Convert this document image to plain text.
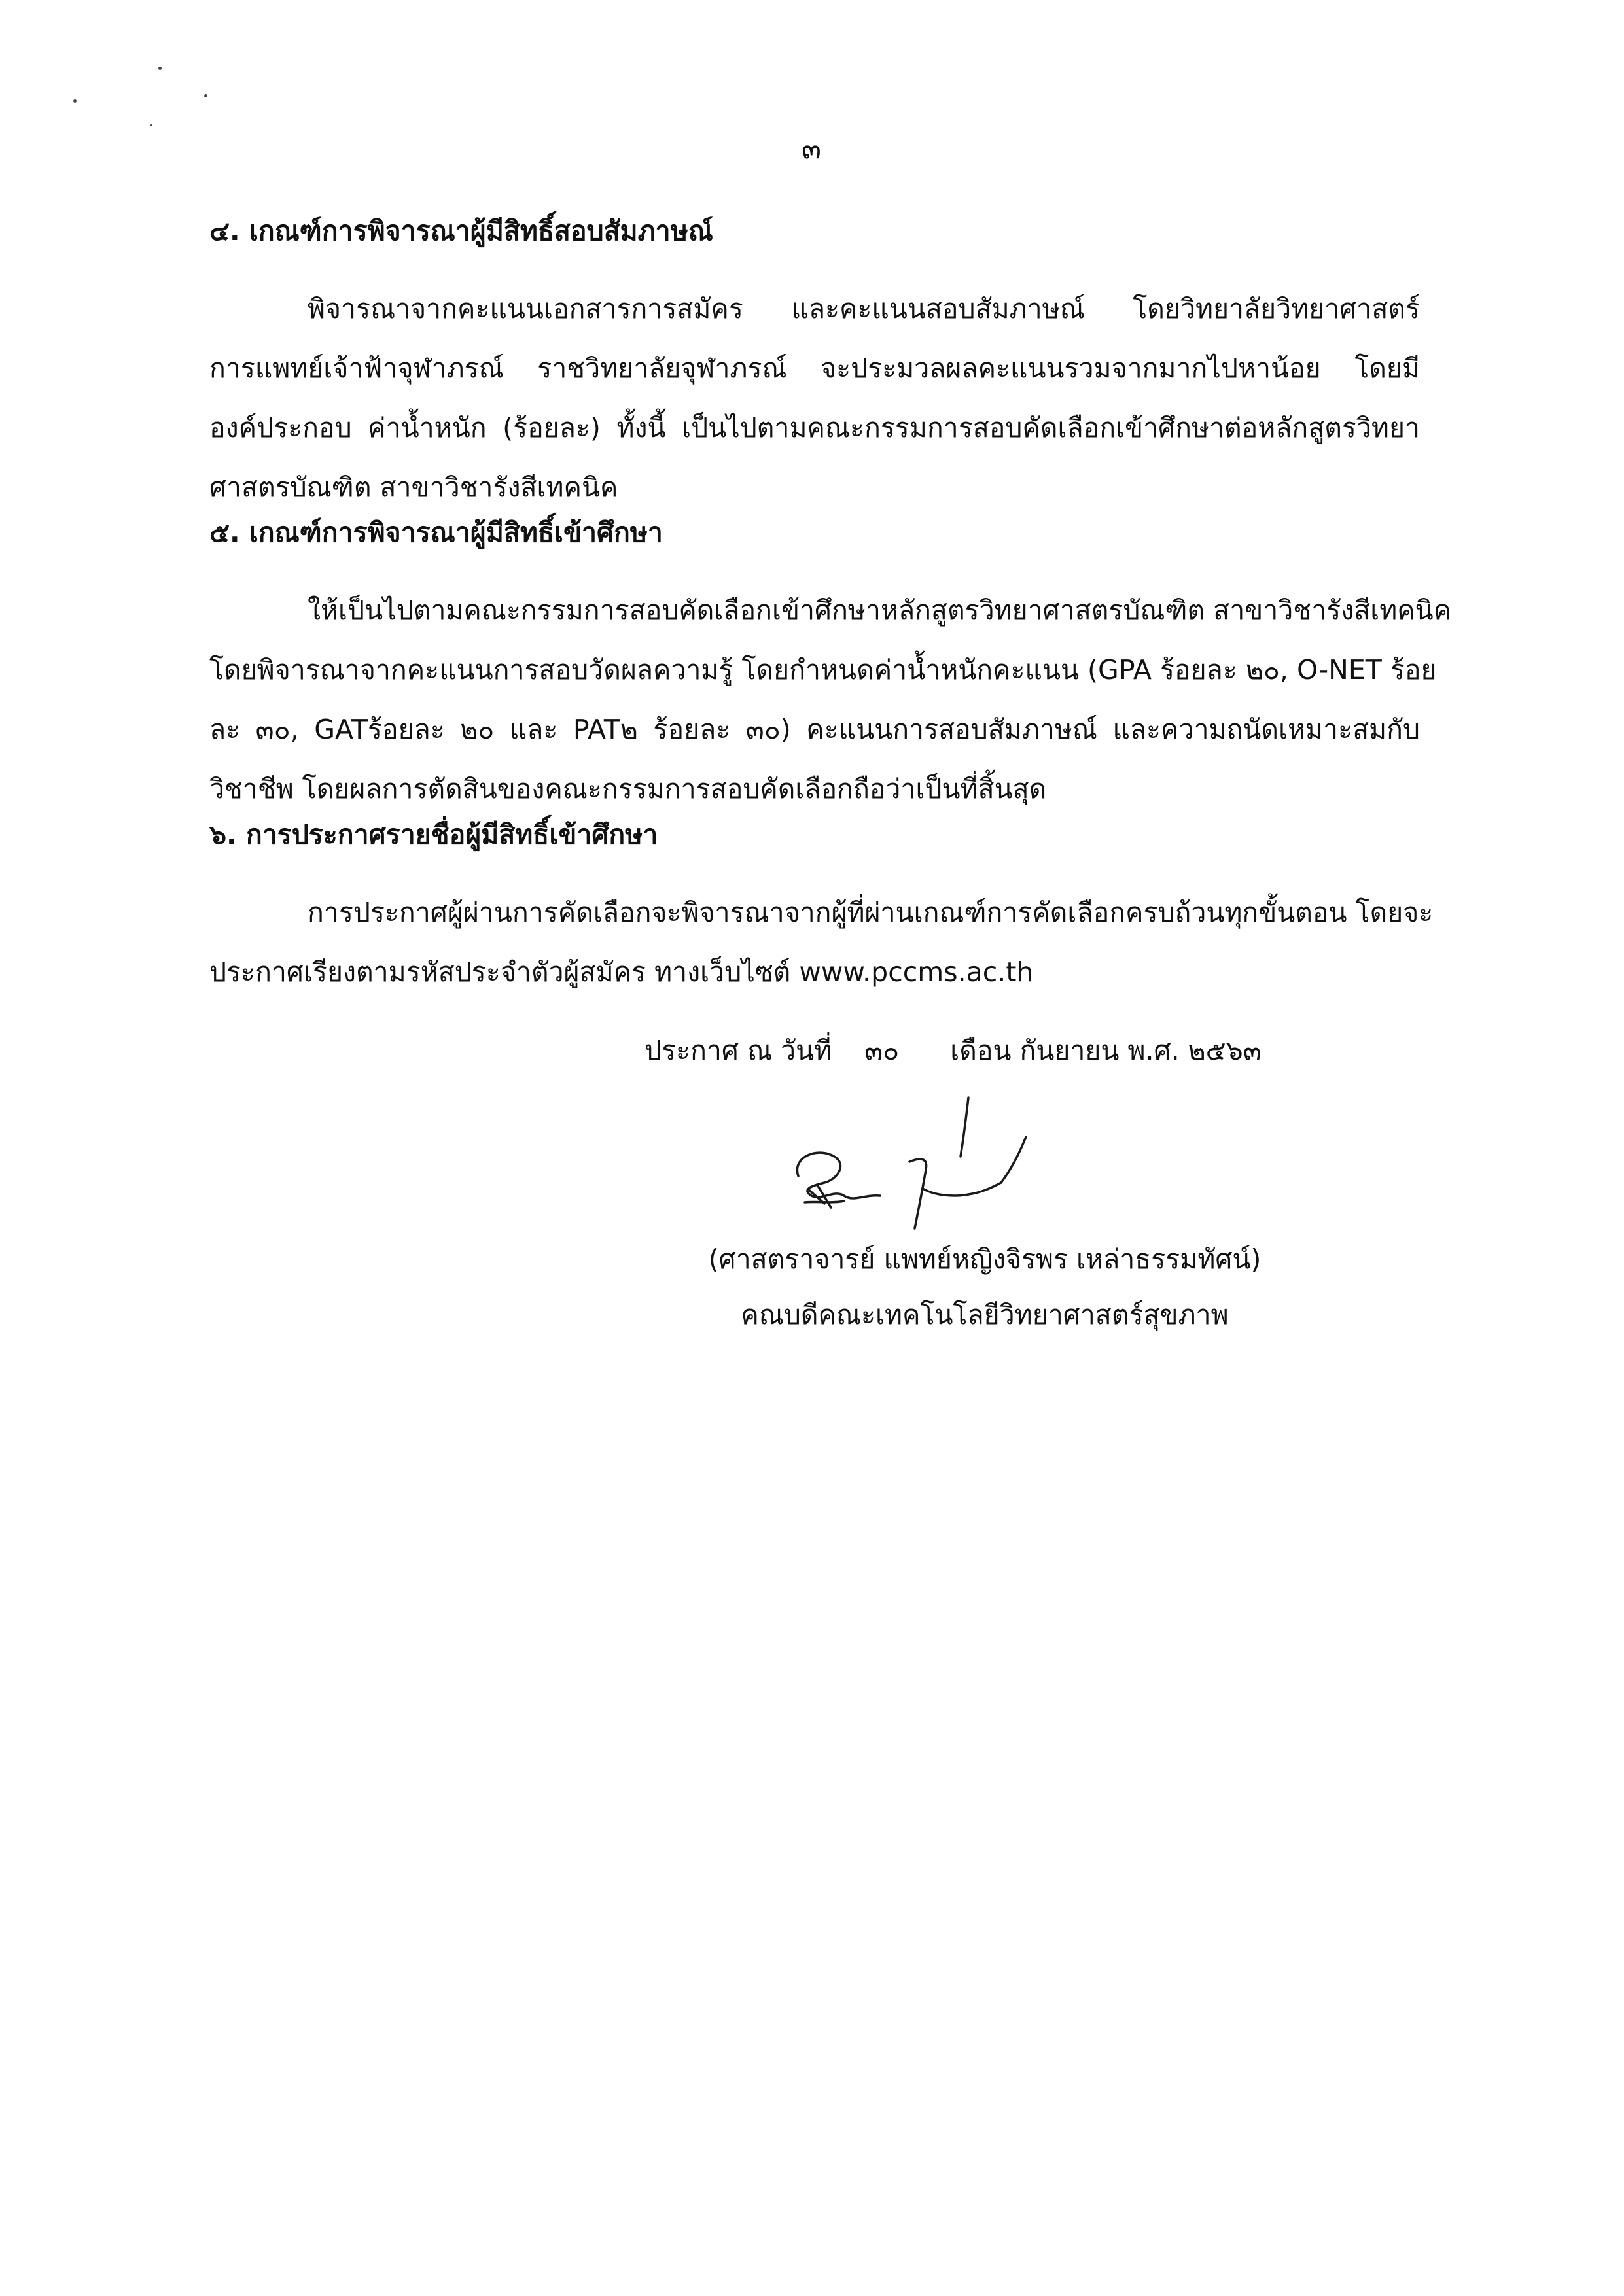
๓
๔. เกณฑ์การพิจารณาผู้มีสิทธิ์สอบสัมภาษณ์
พิจารณาจากคะแนนเอกสารการสมัคร และคะแนนสอบสัมภาษณ์ โดยวิทยาลัยวิทยาศาสตร์
การแพทย์เจ้าฟ้าจุฬาภรณ์ ราชวิทยาลัยจุฬาภรณ์ จะประมวลผลคะแนนรวมจากมากไปหาน้อย โดยมี
องค์ประกอบ ค่าน้ำหนัก (ร้อยละ) ทั้งนี้ เป็นไปตามคณะกรรมการสอบคัดเลือกเข้าศึกษาต่อหลักสูตรวิทยา
ศาสตรบัณฑิต สาขาวิชารังสีเทคนิค
๕. เกณฑ์การพิจารณาผู้มีสิทธิ์เข้าศึกษา
ให้เป็นไปตามคณะกรรมการสอบคัดเลือกเข้าศึกษาหลักสูตรวิทยาศาสตรบัณฑิต สาขาวิชารังสีเทคนิค
โดยพิจารณาจากคะแนนการสอบวัดผลความรู้ โดยกำหนดค่าน้ำหนักคะแนน (GPA ร้อยละ ๒๐, O-NET ร้อย
ละ ๓๐, GATร้อยละ ๒๐ และ PAT๒ ร้อยละ ๓๐) คะแนนการสอบสัมภาษณ์ และความถนัดเหมาะสมกับ
วิชาชีพ โดยผลการตัดสินของคณะกรรมการสอบคัดเลือกถือว่าเป็นที่สิ้นสุด
๖. การประกาศรายชื่อผู้มีสิทธิ์เข้าศึกษา
การประกาศผู้ผ่านการคัดเลือกจะพิจารณาจากผู้ที่ผ่านเกณฑ์การคัดเลือกครบถ้วนทุกขั้นตอน โดยจะ
ประกาศเรียงตามรหัสประจำตัวผู้สมัคร ทางเว็บไซต์ www.pccms.ac.th
ประกาศ ณ วันที่ ๓๐ เดือน กันยายน พ.ศ. ๒๕๖๓
(ศาสตราจารย์ แพทย์หญิงจิรพร เหล่าธรรมทัศน์)
คณบดีคณะเทคโนโลยีวิทยาศาสตร์สุขภาพ
